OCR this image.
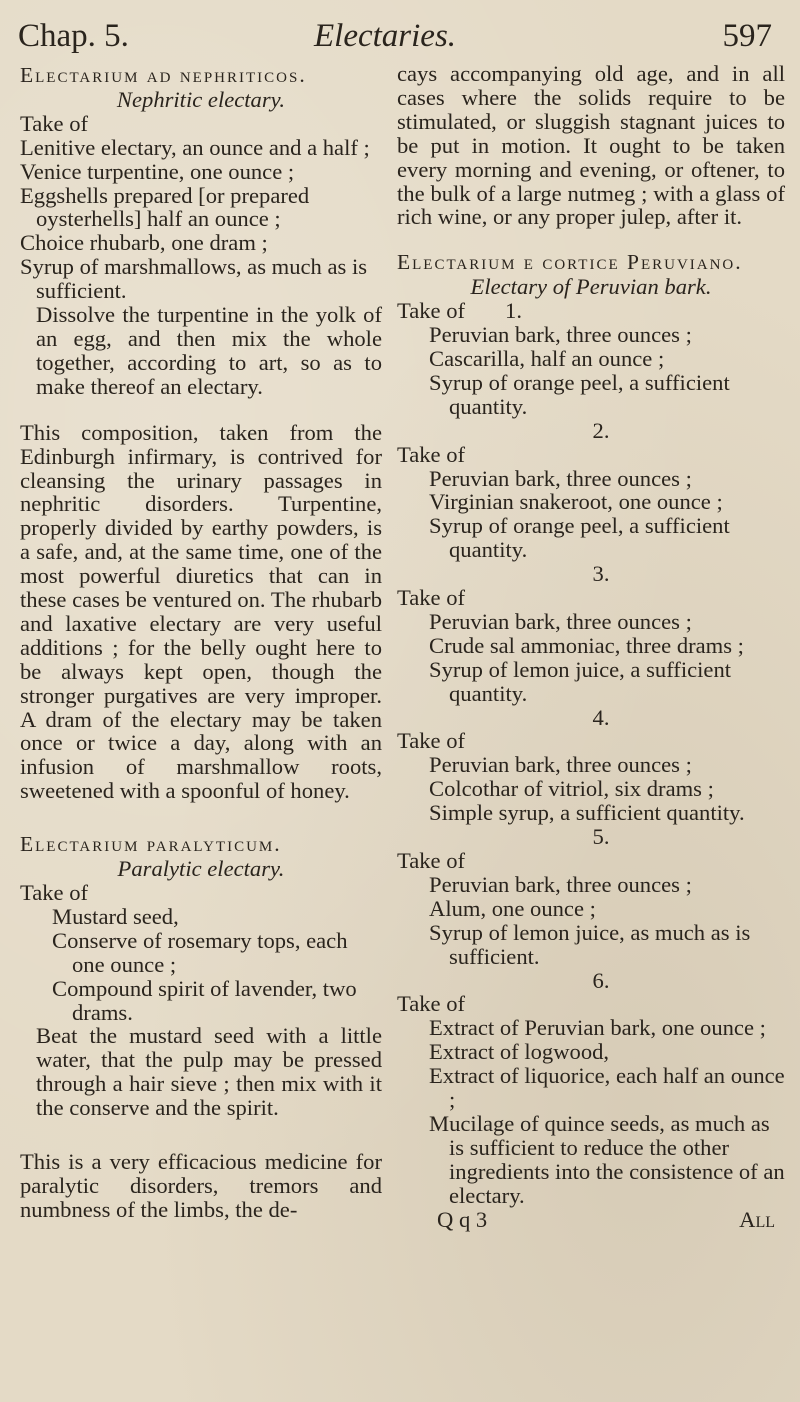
Chap. 5.	Electaries.	597

Electarium ad nephriticos.

Nephritic electary.

Take of

Lenitive electary, an ounce and a half ;

Venice turpentine, one ounce ;

Eggshells prepared [or prepared oysterhells] half an ounce ;

Choice rhubarb, one dram ;

Syrup of marshmallows, as much as is sufficient.

Dissolve the turpentine in the yolk of an egg, and then mix the whole together, according to art, so as to make thereof an electary.

This composition, taken from the Edinburgh infirmary, is contrived for cleansing the urinary passages in nephritic disorders. Turpentine, properly divided by earthy powders, is a safe, and, at the same time, one of the most powerful diuretics that can in these cases be ventured on. The rhubarb and laxative electary are very useful additions ; for the belly ought here to be always kept open, though the stronger purgatives are very improper. A dram of the electary may be taken once or twice a day, along with an infusion of marshmallow roots, sweetened with a spoonful of honey.

Electarium paralyticum.

Paralytic electary.

Take of

Mustard seed,

Conserve of rosemary tops, each one ounce ;

Compound spirit of lavender, two drams.

Beat the mustard seed with a little water, that the pulp may be pressed through a hair sieve ; then mix with it the conserve and the spirit.

This is a very efficacious medicine for paralytic disorders, tremors and numbness of the limbs, the de-

cays accompanying old age, and in all cases where the solids require to be stimulated, or sluggish stagnant juices to be put in motion. It ought to be taken every morning and evening, or oftener, to the bulk of a large nutmeg ; with a glass of rich wine, or any proper julep, after it.

Electarium e cortice Peruviano.

Electary of Peruvian bark.

Take of 1.

Peruvian bark, three ounces ;

Cascarilla, half an ounce ;

Syrup of orange peel, a sufficient quantity.

2.

Take of

Peruvian bark, three ounces ;

Virginian snakeroot, one ounce ;

Syrup of orange peel, a sufficient quantity.

3.

Take of

Peruvian bark, three ounces ;

Crude sal ammoniac, three drams ;

Syrup of lemon juice, a sufficient quantity.

4.

Take of

Peruvian bark, three ounces ;

Colcothar of vitriol, six drams ;

Simple syrup, a sufficient quantity.

5.

Take of

Peruvian bark, three ounces ;

Alum, one ounce ;

Syrup of lemon juice, as much as is sufficient.

6.

Take of

Extract of Peruvian bark, one ounce ;

Extract of logwood,

Extract of liquorice, each half an ounce ;

Mucilage of quince seeds, as much as is sufficient to reduce the other ingredients into the consistence of an electary.

Q q 3	All
